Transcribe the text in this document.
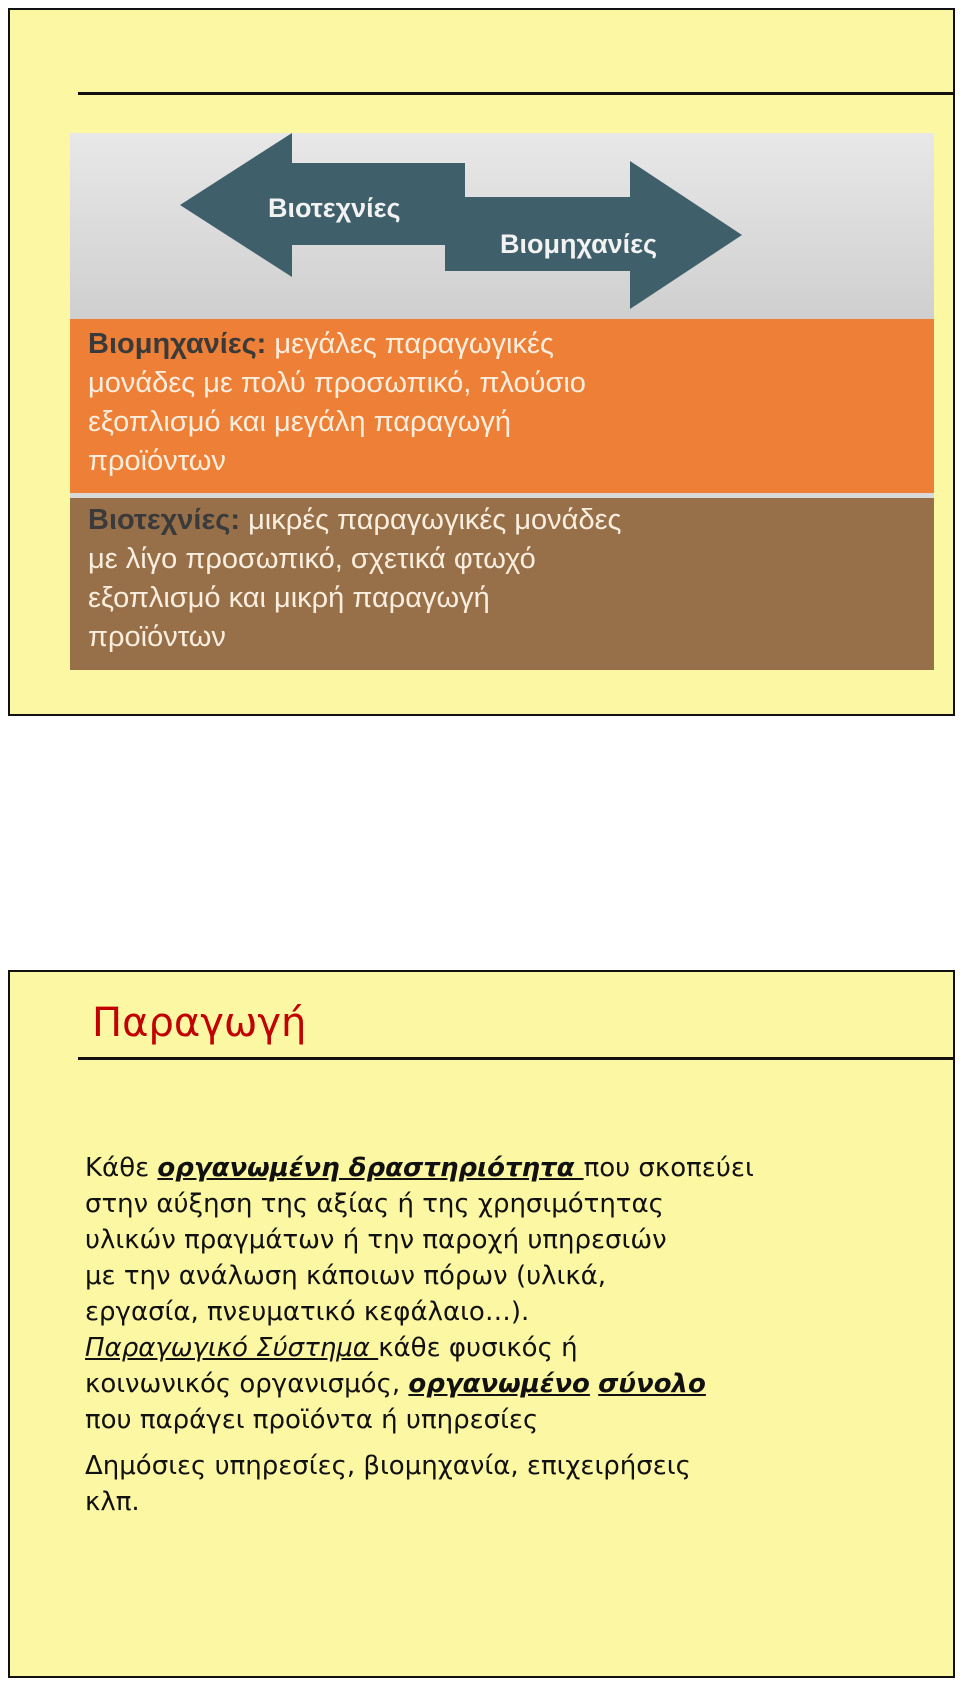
Βιοτεχνίες
Βιομηχανίες
Βιομηχανίες: μεγάλες παραγωγικές
μονάδες με πολύ προσωπικό, πλούσιο
εξοπλισμό και μεγάλη παραγωγή
προϊόντων
Βιοτεχνίες: μικρές παραγωγικές μονάδες
με λίγο προσωπικό, σχετικά φτωχό
εξοπλισμό και μικρή παραγωγή
προϊόντων
Παραγωγή

Κάθε οργανωμένη δραστηριότητα που σκοπεύει
στην αύξηση της αξίας ή της χρησιμότητας
υλικών πραγμάτων ή την παροχή υπηρεσιών
με την ανάλωση κάποιων πόρων (υλικά,
εργασία, πνευματικό κεφάλαιο…).

Παραγωγικό Σύστημα κάθε φυσικός ή
κοινωνικός οργανισμός, οργανωμένο σύνολο
που παράγει προϊόντα ή υπηρεσίες

Δημόσιες υπηρεσίες, βιομηχανία, επιχειρήσεις
κλπ.
